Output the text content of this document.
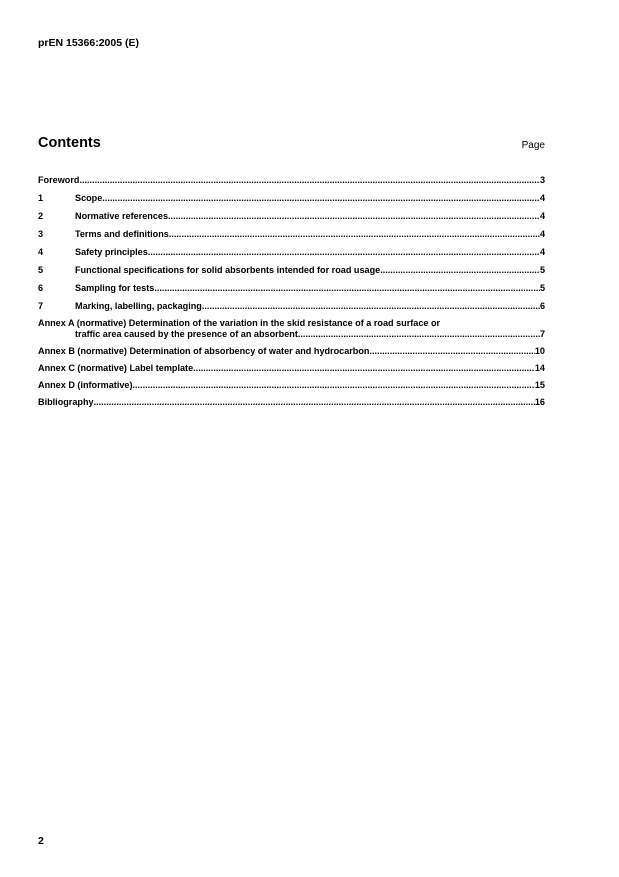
prEN 15366:2005 (E)
Contents	Page
Foreword .....	3
1	Scope .....	4
2	Normative references .....	4
3	Terms and definitions .....	4
4	Safety principles .....	4
5	Functional specifications for solid absorbents intended for road usage .....	5
6	Sampling for tests .....	5
7	Marking, labelling, packaging .....	6
Annex A (normative) Determination of the variation in the skid resistance of a road surface or
traffic area caused by the presence of an absorbent .....	7
Annex B (normative) Determination of absorbency of water and hydrocarbon .....	10
Annex C (normative) Label template .....	14
Annex D (informative) .....	15
Bibliography .....	16
2
